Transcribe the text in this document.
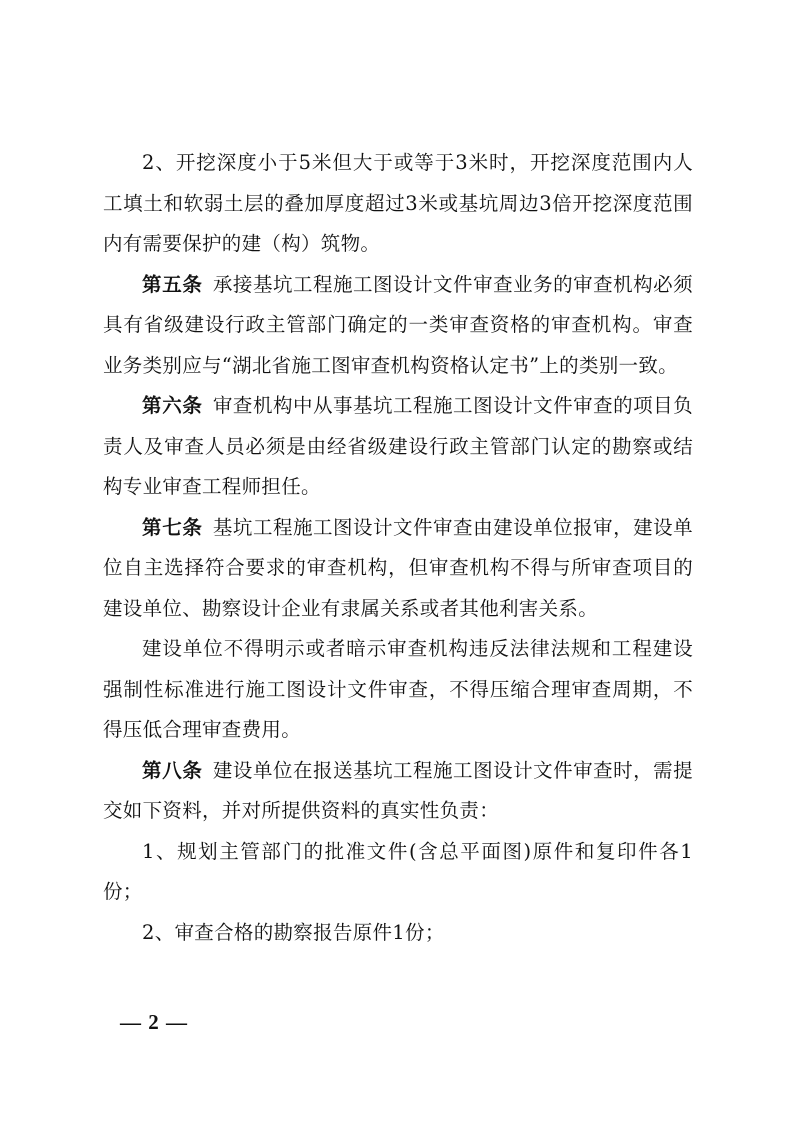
2、开挖深度小于5米但大于或等于3米时，开挖深度范围内人工填土和软弱土层的叠加厚度超过3米或基坑周边3倍开挖深度范围内有需要保护的建（构）筑物。

第五条  承接基坑工程施工图设计文件审查业务的审查机构必须具有省级建设行政主管部门确定的一类审查资格的审查机构。审查业务类别应与“湖北省施工图审查机构资格认定书”上的类别一致。

第六条  审查机构中从事基坑工程施工图设计文件审查的项目负责人及审查人员必须是由经省级建设行政主管部门认定的勘察或结构专业审查工程师担任。

第七条  基坑工程施工图设计文件审查由建设单位报审，建设单位自主选择符合要求的审查机构，但审查机构不得与所审查项目的建设单位、勘察设计企业有隶属关系或者其他利害关系。

建设单位不得明示或者暗示审查机构违反法律法规和工程建设强制性标准进行施工图设计文件审查，不得压缩合理审查周期，不得压低合理审查费用。

第八条  建设单位在报送基坑工程施工图设计文件审查时，需提交如下资料，并对所提供资料的真实性负责：

1、规划主管部门的批准文件(含总平面图)原件和复印件各1份；

2、审查合格的勘察报告原件1份；

— 2 —
